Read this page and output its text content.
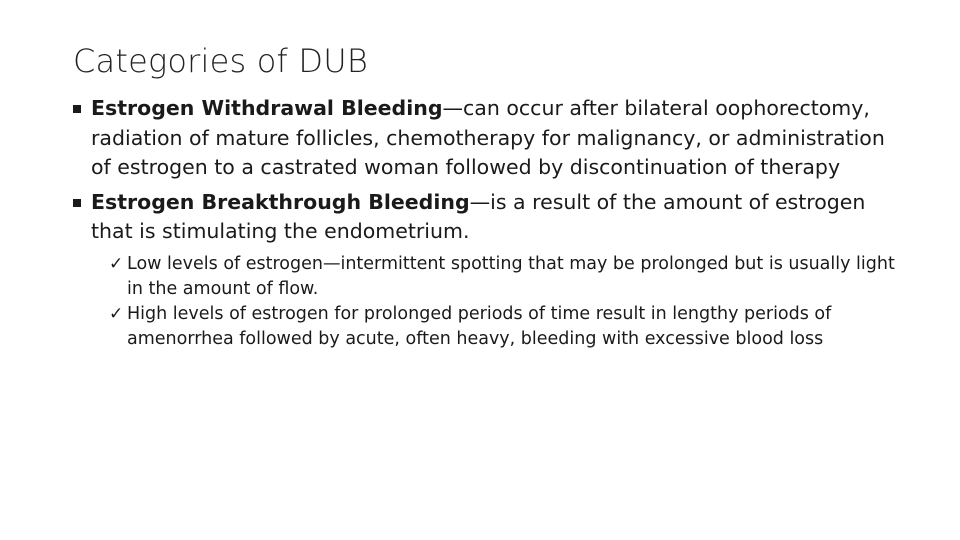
Categories of DUB
Estrogen Withdrawal Bleeding—can occur after bilateral oophorectomy, radiation of mature follicles, chemotherapy for malignancy, or administration of estrogen to a castrated woman followed by discontinuation of therapy
Estrogen Breakthrough Bleeding—is a result of the amount of estrogen that is stimulating the endometrium.
✓ Low levels of estrogen—intermittent spotting that may be prolonged but is usually light in the amount of flow.
✓ High levels of estrogen for prolonged periods of time result in lengthy periods of amenorrhea followed by acute, often heavy, bleeding with excessive blood loss
